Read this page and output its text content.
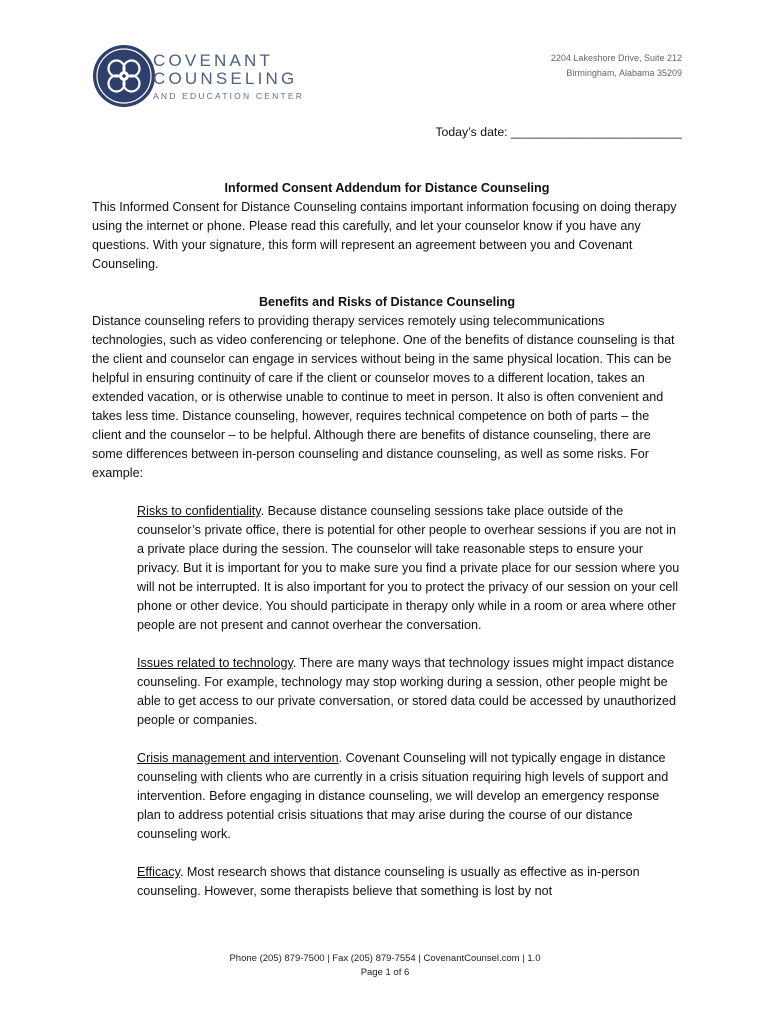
COVENANT
COUNSELING
AND EDUCATION CENTER
2204 Lakeshore Drive, Suite 212
Birmingham, Alabama 35209
Today’s date: _________________________
Informed Consent Addendum for Distance Counseling

This Informed Consent for Distance Counseling contains important information focusing on doing therapy using the internet or phone. Please read this carefully, and let your counselor know if you have any questions. With your signature, this form will represent an agreement between you and Covenant Counseling.

Benefits and Risks of Distance Counseling

Distance counseling refers to providing therapy services remotely using telecommunications technologies, such as video conferencing or telephone. One of the benefits of distance counseling is that the client and counselor can engage in services without being in the same physical location. This can be helpful in ensuring continuity of care if the client or counselor moves to a different location, takes an extended vacation, or is otherwise unable to continue to meet in person. It also is often convenient and takes less time. Distance counseling, however, requires technical competence on both of parts – the client and the counselor – to be helpful. Although there are benefits of distance counseling, there are some differences between in-person counseling and distance counseling, as well as some risks. For example:

Risks to confidentiality. Because distance counseling sessions take place outside of the counselor’s private office, there is potential for other people to overhear sessions if you are not in a private place during the session. The counselor will take reasonable steps to ensure your privacy. But it is important for you to make sure you find a private place for our session where you will not be interrupted. It is also important for you to protect the privacy of our session on your cell phone or other device. You should participate in therapy only while in a room or area where other people are not present and cannot overhear the conversation.

Issues related to technology. There are many ways that technology issues might impact distance counseling. For example, technology may stop working during a session, other people might be able to get access to our private conversation, or stored data could be accessed by unauthorized people or companies.

Crisis management and intervention. Covenant Counseling will not typically engage in distance counseling with clients who are currently in a crisis situation requiring high levels of support and intervention. Before engaging in distance counseling, we will develop an emergency response plan to address potential crisis situations that may arise during the course of our distance counseling work.

Efficacy. Most research shows that distance counseling is usually as effective as in-person counseling. However, some therapists believe that something is lost by not

Phone (205) 879-7500 | Fax (205) 879-7554 | CovenantCounsel.com | 1.0
Page 1 of 6
